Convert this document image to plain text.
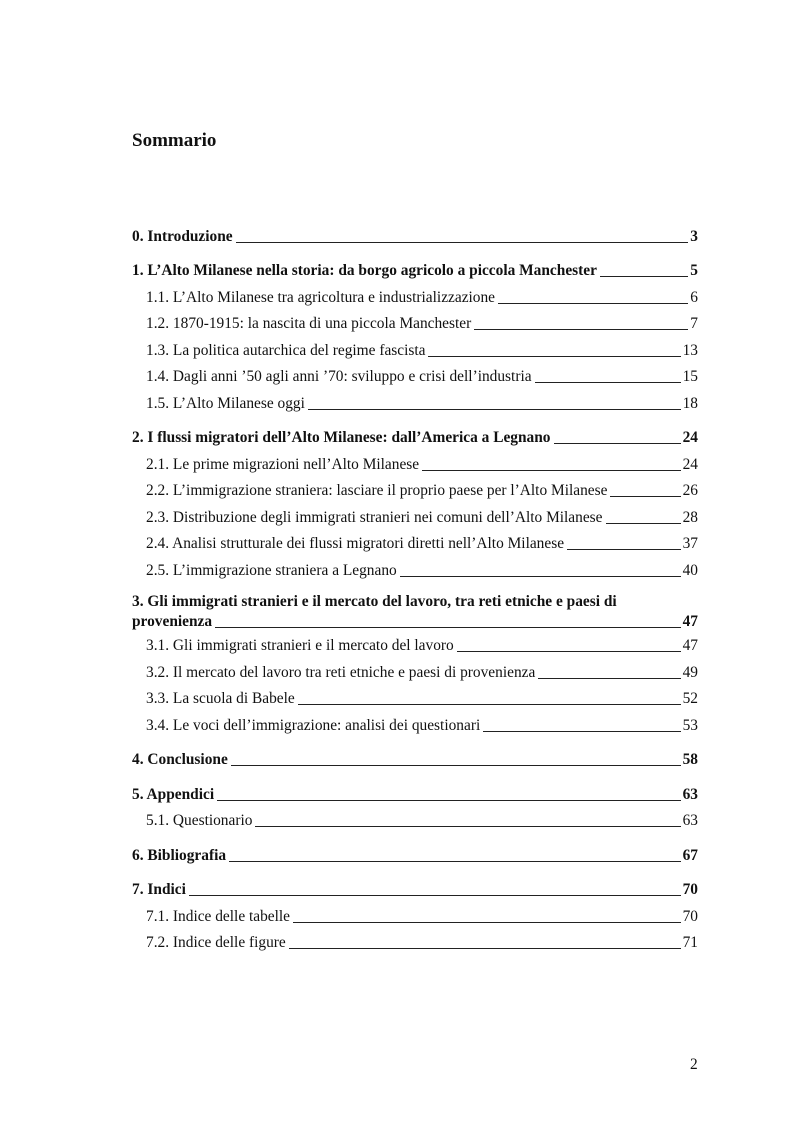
Sommario
0. Introduzione	3
1. L’Alto Milanese nella storia: da borgo agricolo a piccola Manchester	5
1.1. L’Alto Milanese tra agricoltura e industrializzazione	6
1.2. 1870-1915: la nascita di una piccola Manchester	7
1.3. La politica autarchica del regime fascista	13
1.4. Dagli anni ’50 agli anni ’70: sviluppo e crisi dell’industria	15
1.5. L’Alto Milanese oggi	18
2. I flussi migratori dell’Alto Milanese: dall’America a Legnano	24
2.1. Le prime migrazioni nell’Alto Milanese	24
2.2. L’immigrazione straniera: lasciare il proprio paese per l’Alto Milanese	26
2.3. Distribuzione degli immigrati stranieri nei comuni dell’Alto Milanese	28
2.4. Analisi strutturale dei flussi migratori diretti nell’Alto Milanese	37
2.5. L’immigrazione straniera a Legnano	40
3. Gli immigrati stranieri e il mercato del lavoro, tra reti etniche e paesi di
provenienza	47
3.1. Gli immigrati stranieri e il mercato del lavoro	47
3.2. Il mercato del lavoro tra reti etniche e paesi di provenienza	49
3.3. La scuola di Babele	52
3.4. Le voci dell’immigrazione: analisi dei questionari	53
4. Conclusione	58
5. Appendici	63
5.1. Questionario	63
6. Bibliografia	67
7. Indici	70
7.1. Indice delle tabelle	70
7.2. Indice delle figure	71
2
